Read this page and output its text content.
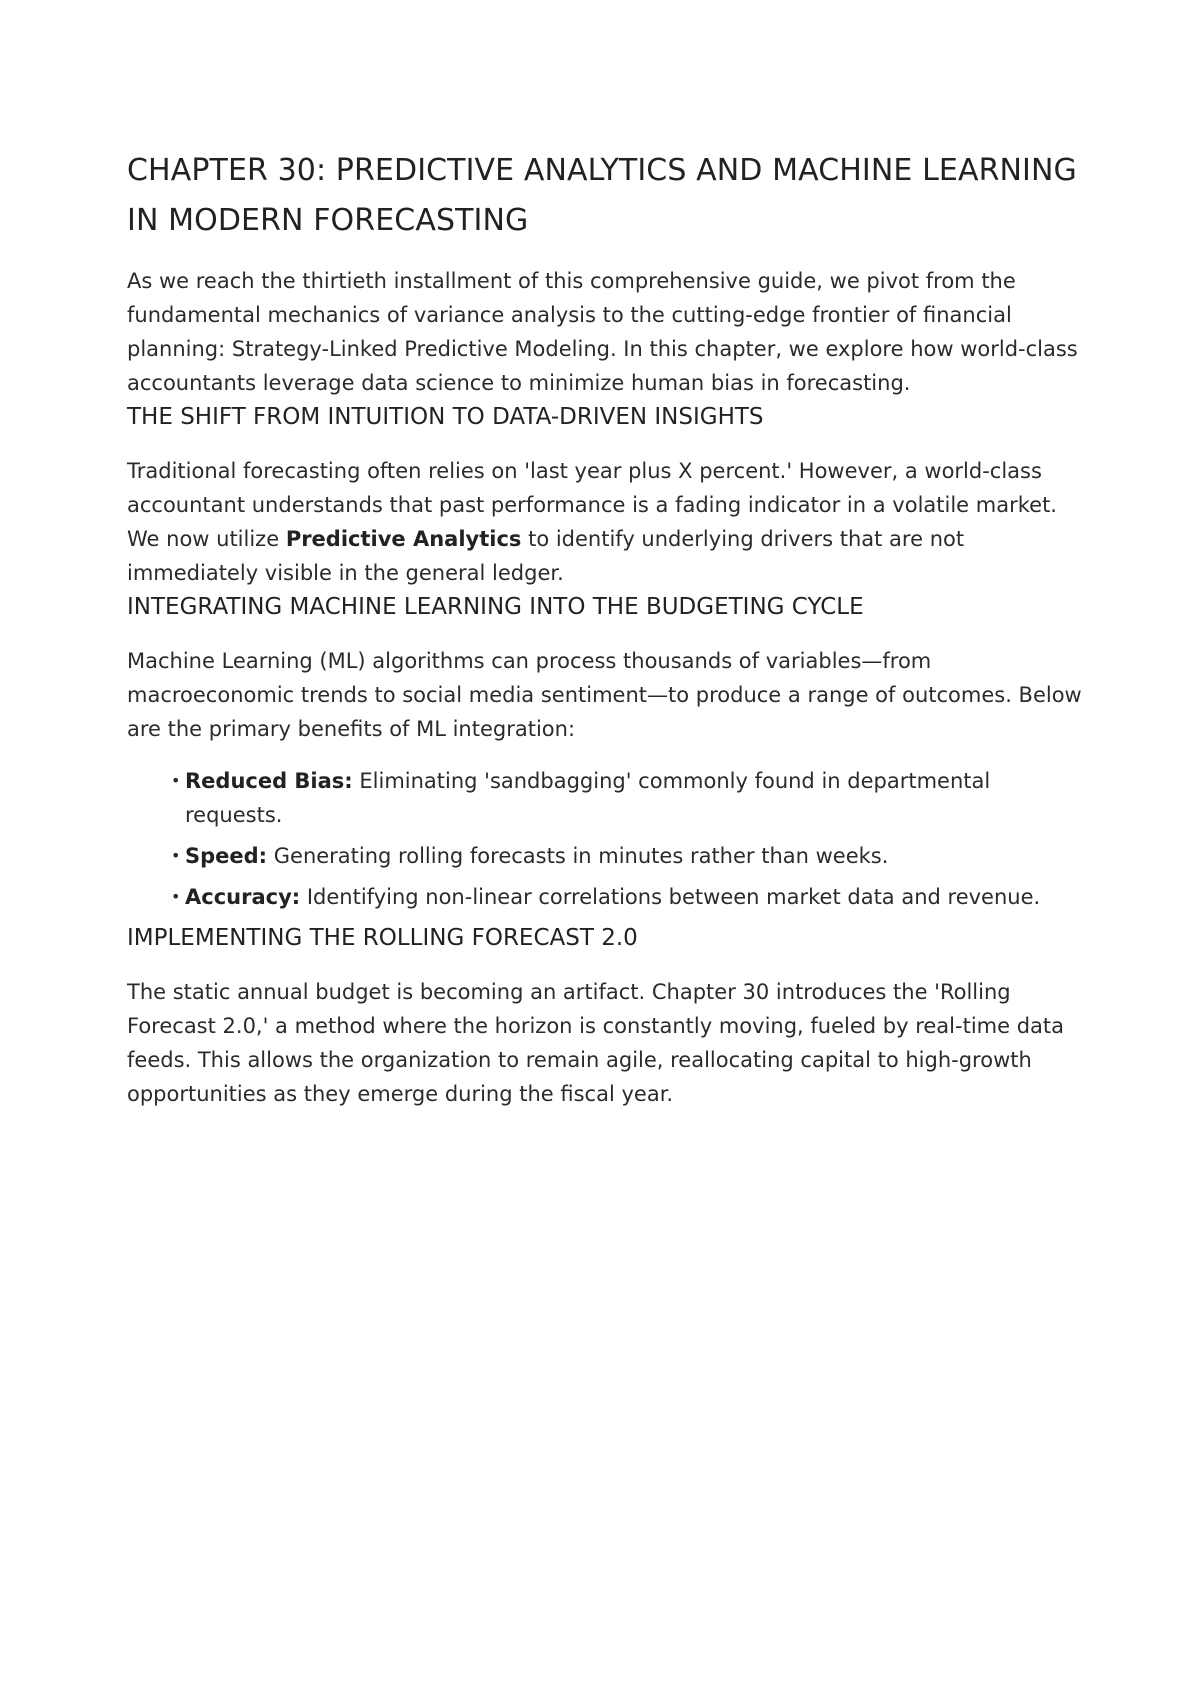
CHAPTER 30: PREDICTIVE ANALYTICS AND MACHINE LEARNING IN MODERN FORECASTING

As we reach the thirtieth installment of this comprehensive guide, we pivot from the fundamental mechanics of variance analysis to the cutting-edge frontier of financial planning: Strategy-Linked Predictive Modeling. In this chapter, we explore how world-class accountants leverage data science to minimize human bias in forecasting.

THE SHIFT FROM INTUITION TO DATA-DRIVEN INSIGHTS

Traditional forecasting often relies on 'last year plus X percent.' However, a world-class accountant understands that past performance is a fading indicator in a volatile market. We now utilize Predictive Analytics to identify underlying drivers that are not immediately visible in the general ledger.

INTEGRATING MACHINE LEARNING INTO THE BUDGETING CYCLE

Machine Learning (ML) algorithms can process thousands of variables—from macroeconomic trends to social media sentiment—to produce a range of outcomes. Below are the primary benefits of ML integration:

• Reduced Bias: Eliminating 'sandbagging' commonly found in departmental requests.
• Speed: Generating rolling forecasts in minutes rather than weeks.
• Accuracy: Identifying non-linear correlations between market data and revenue.
IMPLEMENTING THE ROLLING FORECAST 2.0

The static annual budget is becoming an artifact. Chapter 30 introduces the 'Rolling Forecast 2.0,' a method where the horizon is constantly moving, fueled by real-time data feeds. This allows the organization to remain agile, reallocating capital to high-growth opportunities as they emerge during the fiscal year.
